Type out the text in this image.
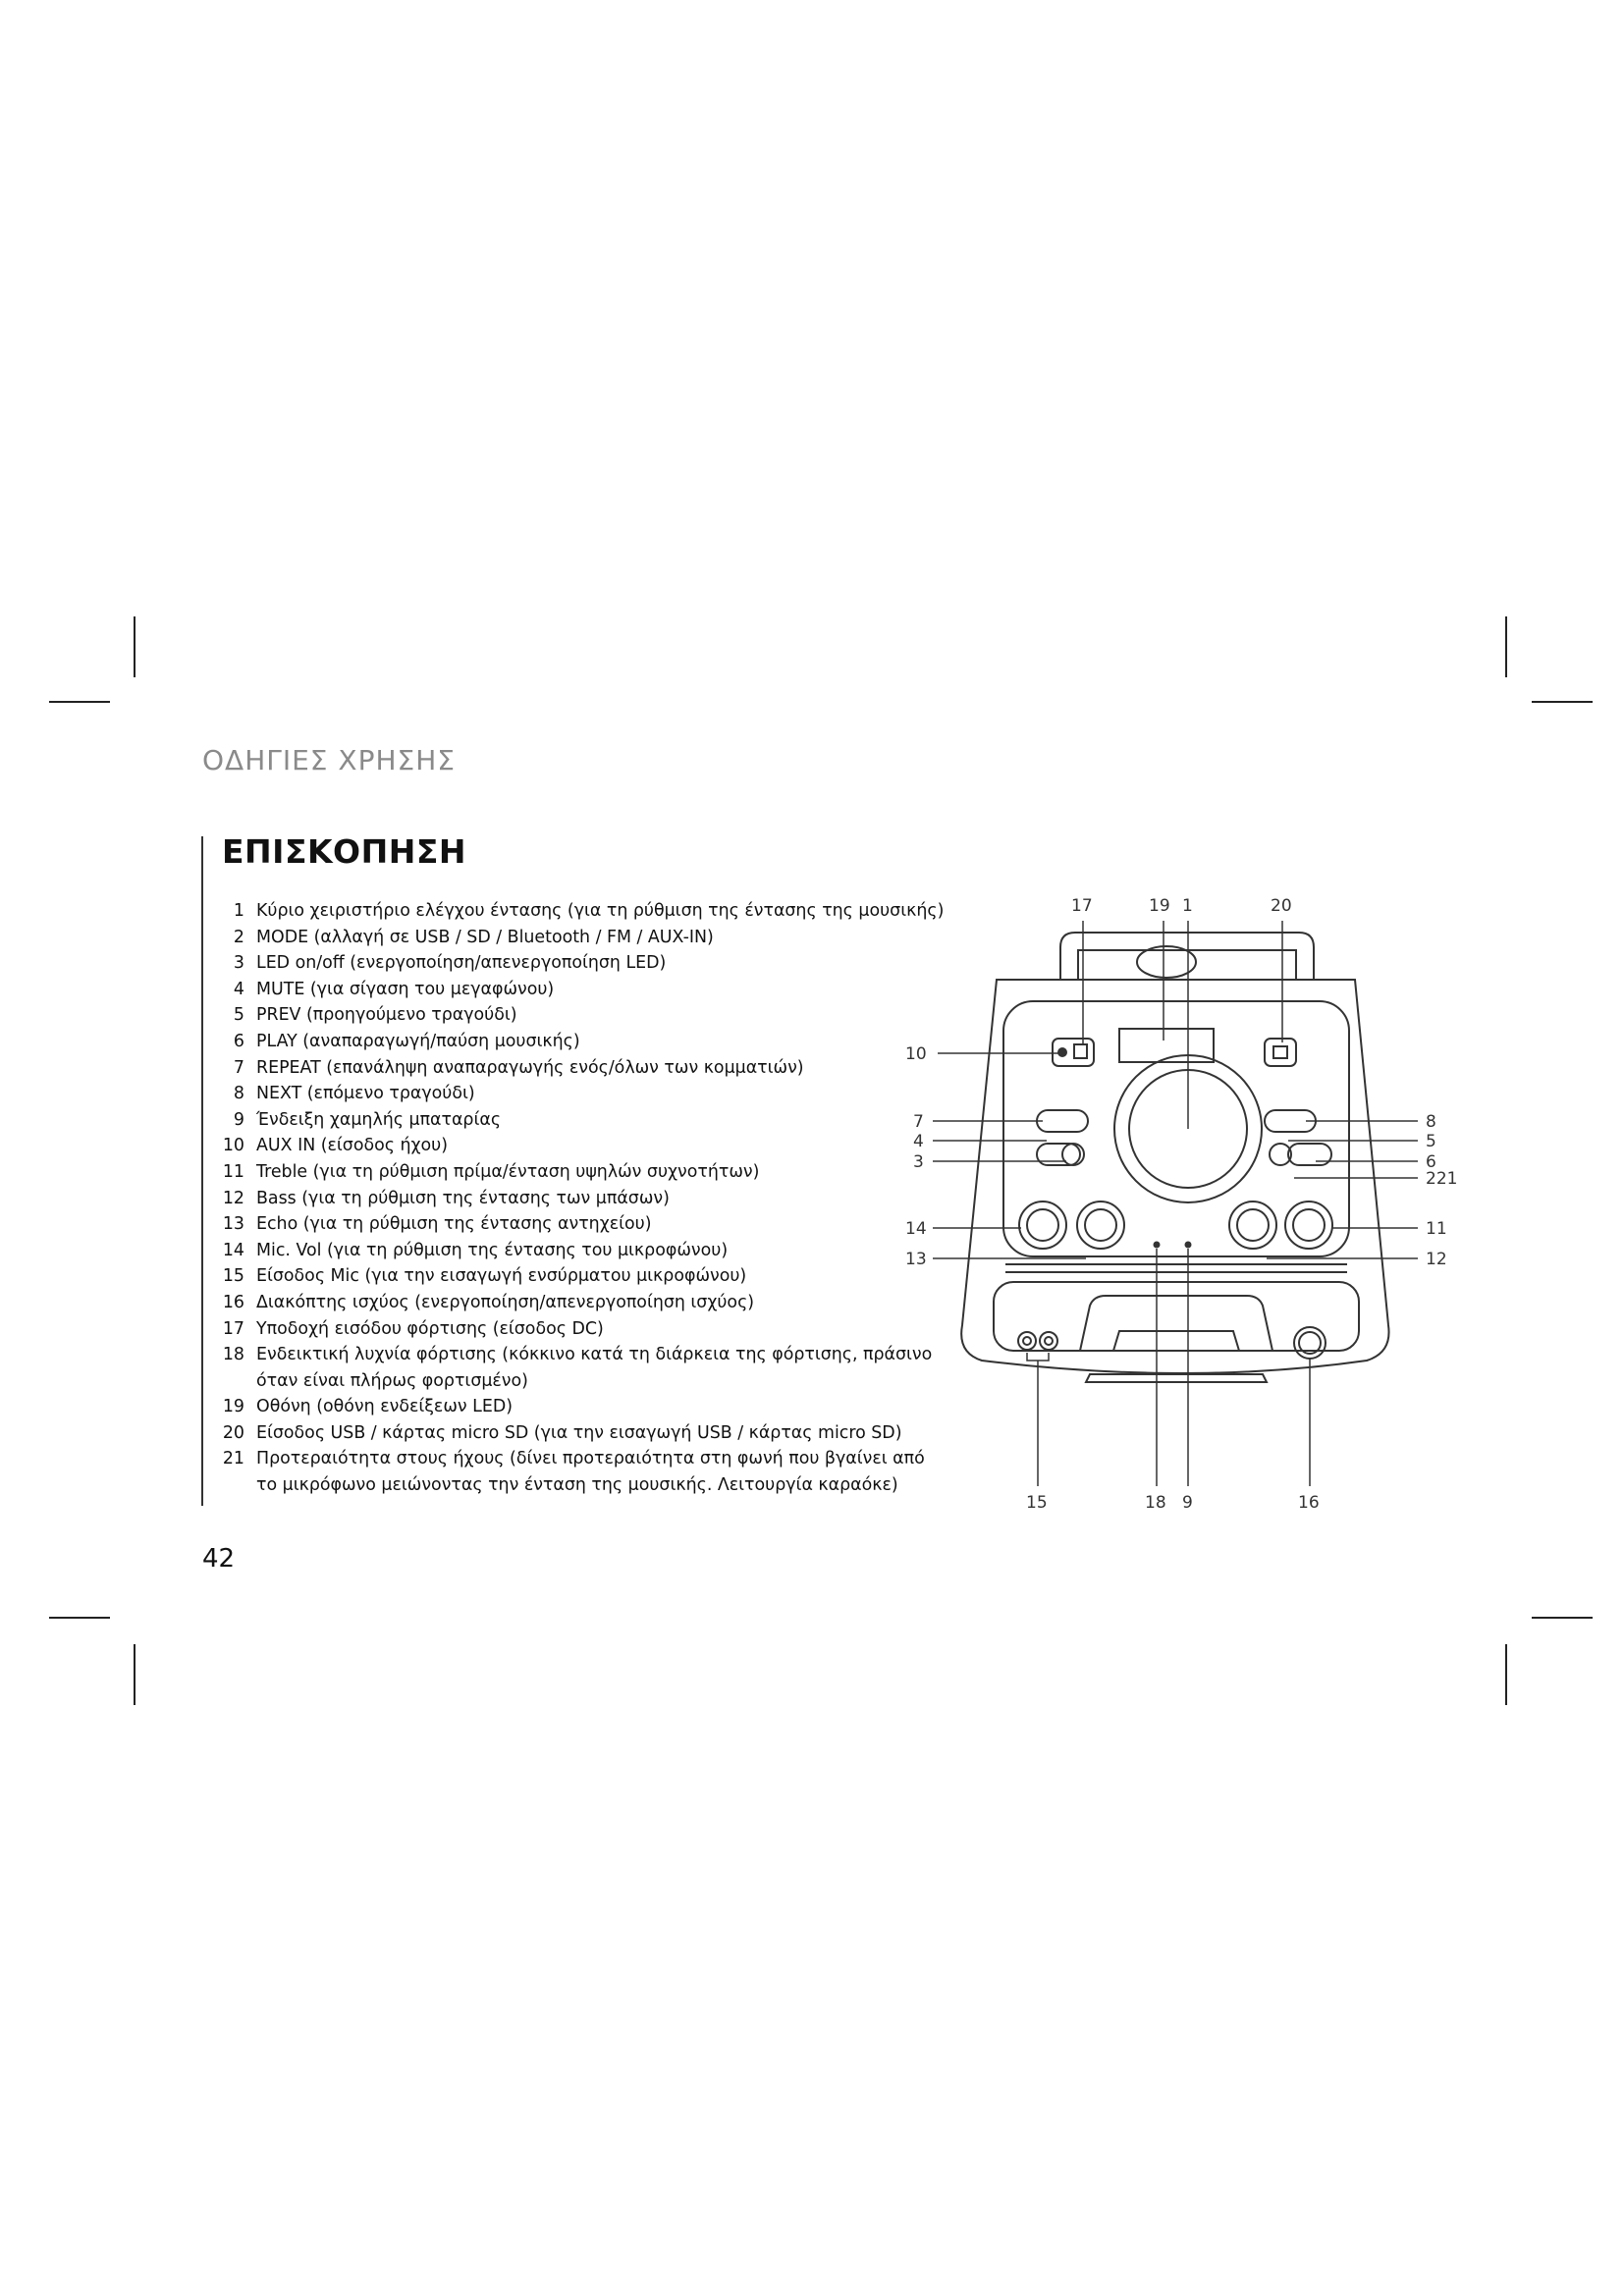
ΟΔΗΓΙΕΣ ΧΡΗΣΗΣ
ΕΠΙΣΚΟΠΗΣΗ
1 Κύριο χειριστήριο ελέγχου έντασης (για τη ρύθμιση της έντασης της μουσικής)
2 MODE (αλλαγή σε USB / SD / Bluetooth / FM / AUX-IN)
3 LED on/off (ενεργοποίηση/απενεργοποίηση LED)
4 MUTE (για σίγαση του μεγαφώνου)
5 PREV (προηγούμενο τραγούδι)
6 PLAY (αναπαραγωγή/παύση μουσικής)
7 REPEAT (επανάληψη αναπαραγωγής ενός/όλων των κομματιών)
8 NEXT (επόμενο τραγούδι)
9 Ένδειξη χαμηλής μπαταρίας
10 AUX IN (είσοδος ήχου)
11 Treble (για τη ρύθμιση πρίμα/ένταση υψηλών συχνοτήτων)
12 Bass (για τη ρύθμιση της έντασης των μπάσων)
13 Echo (για τη ρύθμιση της έντασης αντηχείου)
14 Mic. Vol (για τη ρύθμιση της έντασης του μικροφώνου)
15 Είσοδος Mic (για την εισαγωγή ενσύρματου μικροφώνου)
16 Διακόπτης ισχύος (ενεργοποίηση/απενεργοποίηση ισχύος)
17 Υποδοχή εισόδου φόρτισης (είσοδος DC)
18 Ενδεικτική λυχνία φόρτισης (κόκκινο κατά τη διάρκεια της φόρτισης, πράσινο
όταν είναι πλήρως φορτισμένο)
19 Οθόνη (οθόνη ενδείξεων LED)
20 Είσοδος USB / κάρτας micro SD (για την εισαγωγή USB / κάρτας micro SD)
21 Προτεραιότητα στους ήχους (δίνει προτεραιότητα στη φωνή που βγαίνει από
το μικρόφωνο μειώνοντας την ένταση της μουσικής. Λειτουργία καραόκε)
17	19 1	20
10
7
4
3
8
5
6
221
14
13
11
12
15	18 9	16
42
